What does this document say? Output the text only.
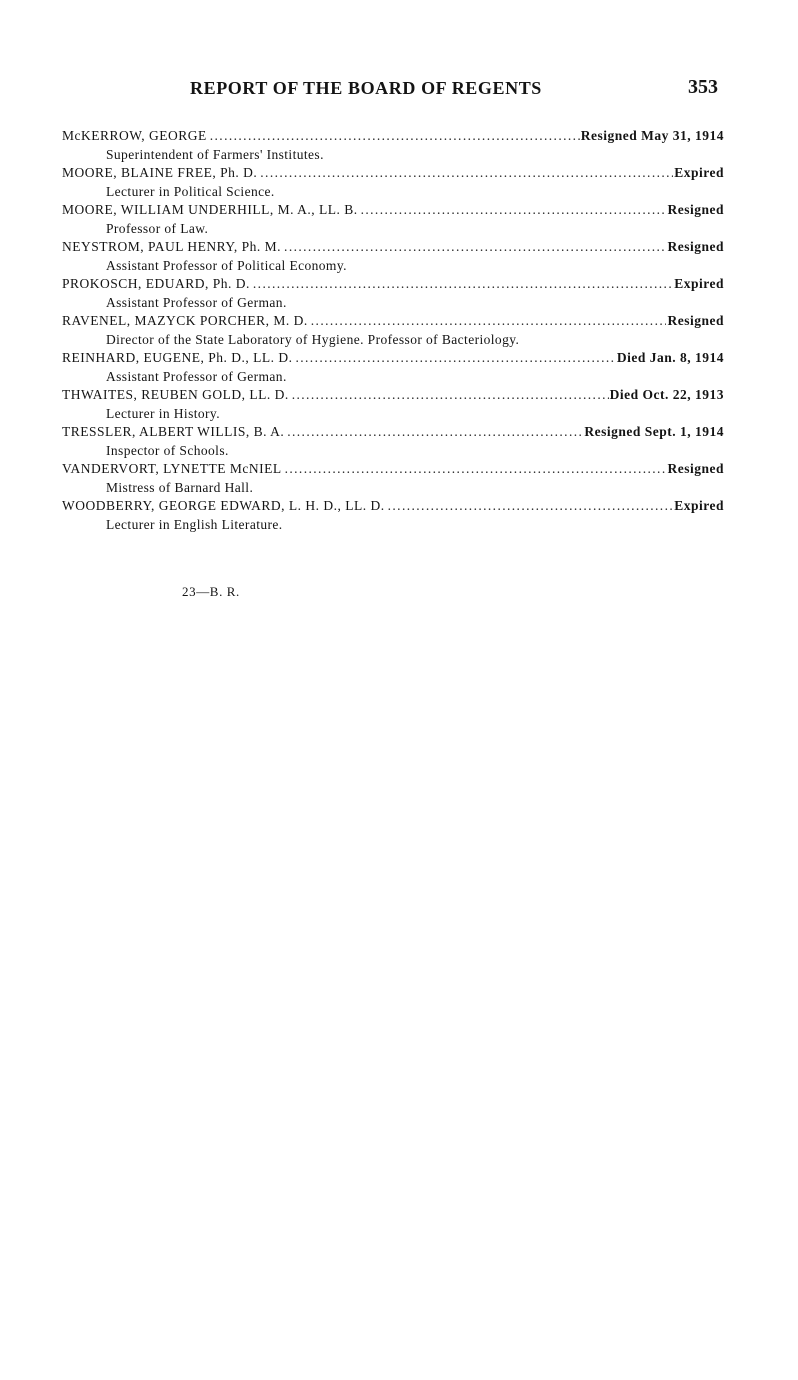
REPORT OF THE BOARD OF REGENTS	353
McKERROW, GEORGE .....	Resigned May 31, 1914
Superintendent of Farmers' Institutes.
MOORE, BLAINE FREE, Ph. D. .....	Expired
Lecturer in Political Science.
MOORE, WILLIAM UNDERHILL, M. A., LL. B. .....	Resigned
Professor of Law.
NEYSTROM, PAUL HENRY, Ph. M. .....	Resigned
Assistant Professor of Political Economy.
PROKOSCH, EDUARD, Ph. D. .....	Expired
Assistant Professor of German.
RAVENEL, MAZYCK PORCHER, M. D. .....	Resigned
Director of the State Laboratory of Hygiene. Professor of Bacteriology.
REINHARD, EUGENE, Ph. D., LL. D. .....	Died Jan. 8, 1914
Assistant Professor of German.
THWAITES, REUBEN GOLD, LL. D. .....	Died Oct. 22, 1913
Lecturer in History.
TRESSLER, ALBERT WILLIS, B. A. .....	Resigned Sept. 1, 1914
Inspector of Schools.
VANDERVORT, LYNETTE McNIEL .....	Resigned
Mistress of Barnard Hall.
WOODBERRY, GEORGE EDWARD, L. H. D., LL. D. .....	Expired
Lecturer in English Literature.
23—B. R.
